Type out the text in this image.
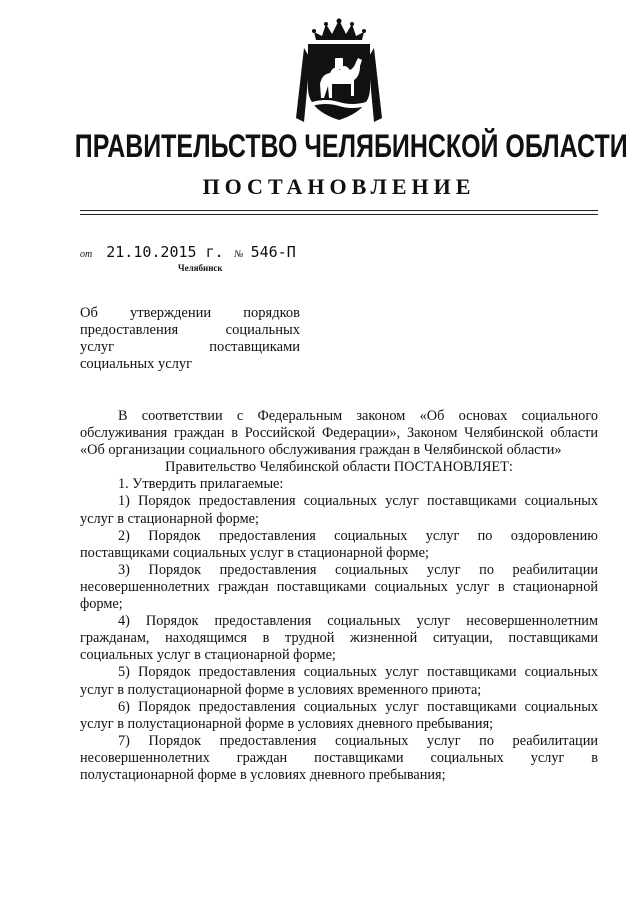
ПРАВИТЕЛЬСТВО ЧЕЛЯБИНСКОЙ ОБЛАСТИ
ПОСТАНОВЛЕНИЕ
от 21.10.2015 г. № 546-П
Челябинск
Об утверждении порядков
предоставления социальных
услуг поставщиками
социальных услуг

В соответствии с Федеральным законом «Об основах социального обслуживания граждан в Российской Федерации», Законом Челябинской области «Об организации социального обслуживания граждан в Челябинской области»

Правительство Челябинской области ПОСТАНОВЛЯЕТ:

1. Утвердить прилагаемые:

1) Порядок предоставления социальных услуг поставщиками социальных услуг в стационарной форме;

2) Порядок предоставления социальных услуг по оздоровлению поставщиками социальных услуг в стационарной форме;

3) Порядок предоставления социальных услуг по реабилитации несовершеннолетних граждан поставщиками социальных услуг в стационарной форме;

4) Порядок предоставления социальных услуг несовершеннолетним гражданам, находящимся в трудной жизненной ситуации, поставщиками социальных услуг в стационарной форме;

5) Порядок предоставления социальных услуг поставщиками социальных услуг в полустационарной форме в условиях временного приюта;

6) Порядок предоставления социальных услуг поставщиками социальных услуг в полустационарной форме в условиях дневного пребывания;

7) Порядок предоставления социальных услуг по реабилитации несовершеннолетних граждан поставщиками социальных услуг в полустационарной форме в условиях дневного пребывания;
